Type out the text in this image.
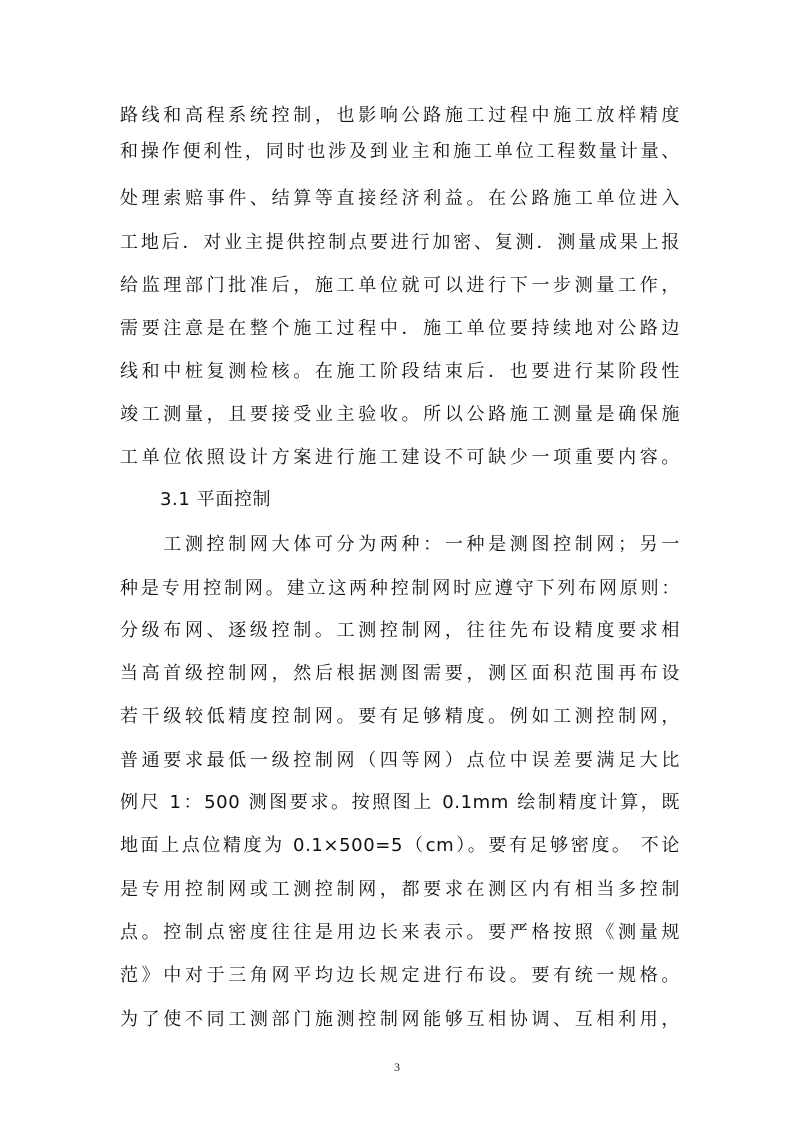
路线和高程系统控制，也影响公路施工过程中施工放样精度
和操作便利性，同时也涉及到业主和施工单位工程数量计量、
处理索赔事件、结算等直接经济利益。在公路施工单位进入
工地后．对业主提供控制点要进行加密、复测．测量成果上报
给监理部门批准后，施工单位就可以进行下一步测量工作，
需要注意是在整个施工过程中．施工单位要持续地对公路边
线和中桩复测检核。在施工阶段结束后．也要进行某阶段性
竣工测量，且要接受业主验收。所以公路施工测量是确保施
工单位依照设计方案进行施工建设不可缺少一项重要内容。
3.1 平面控制
　　工测控制网大体可分为两种：一种是测图控制网；另一
种是专用控制网。建立这两种控制网时应遵守下列布网原则：
分级布网、逐级控制。工测控制网，往往先布设精度要求相
当高首级控制网，然后根据测图需要，测区面积范围再布设
若干级较低精度控制网。要有足够精度。例如工测控制网，
普通要求最低一级控制网（四等网）点位中误差要满足大比
例尺 1：500 测图要求。按照图上 0.1mm 绘制精度计算，既
地面上点位精度为 0.1×500=5（cm）。要有足够密度。 不论
是专用控制网或工测控制网，都要求在测区内有相当多控制
点。控制点密度往往是用边长来表示。要严格按照《测量规
范》中对于三角网平均边长规定进行布设。要有统一规格。
为了使不同工测部门施测控制网能够互相协调、互相利用，
3
